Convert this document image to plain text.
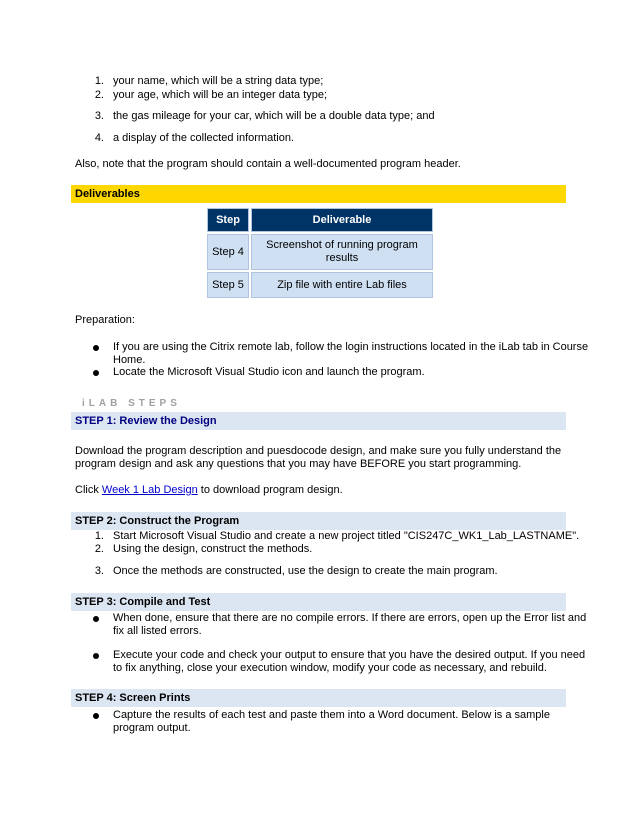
1. your name, which will be a string data type;
2. your age, which will be an integer data type;
3. the gas mileage for your car, which will be a double data type; and
4. a display of the collected information.
Also, note that the program should contain a well-documented program header.
Deliverables
Step	Deliverable
Step 4	Screenshot of running program results
Step 5	Zip file with entire Lab files
Preparation:
If you are using the Citrix remote lab, follow the login instructions located in the iLab tab in Course
Home.
Locate the Microsoft Visual Studio icon and launch the program.
iLAB STEPS
STEP 1: Review the Design
Download the program description and puesdocode design, and make sure you fully understand the
program design and ask any questions that you may have BEFORE you start programming.
Click Week 1 Lab Design to download program design.
STEP 2: Construct the Program
1. Start Microsoft Visual Studio and create a new project titled "CIS247C_WK1_Lab_LASTNAME".
2. Using the design, construct the methods.
3. Once the methods are constructed, use the design to create the main program.
STEP 3: Compile and Test
When done, ensure that there are no compile errors. If there are errors, open up the Error list and
fix all listed errors.
Execute your code and check your output to ensure that you have the desired output. If you need
to fix anything, close your execution window, modify your code as necessary, and rebuild.
STEP 4: Screen Prints
Capture the results of each test and paste them into a Word document. Below is a sample
program output.
